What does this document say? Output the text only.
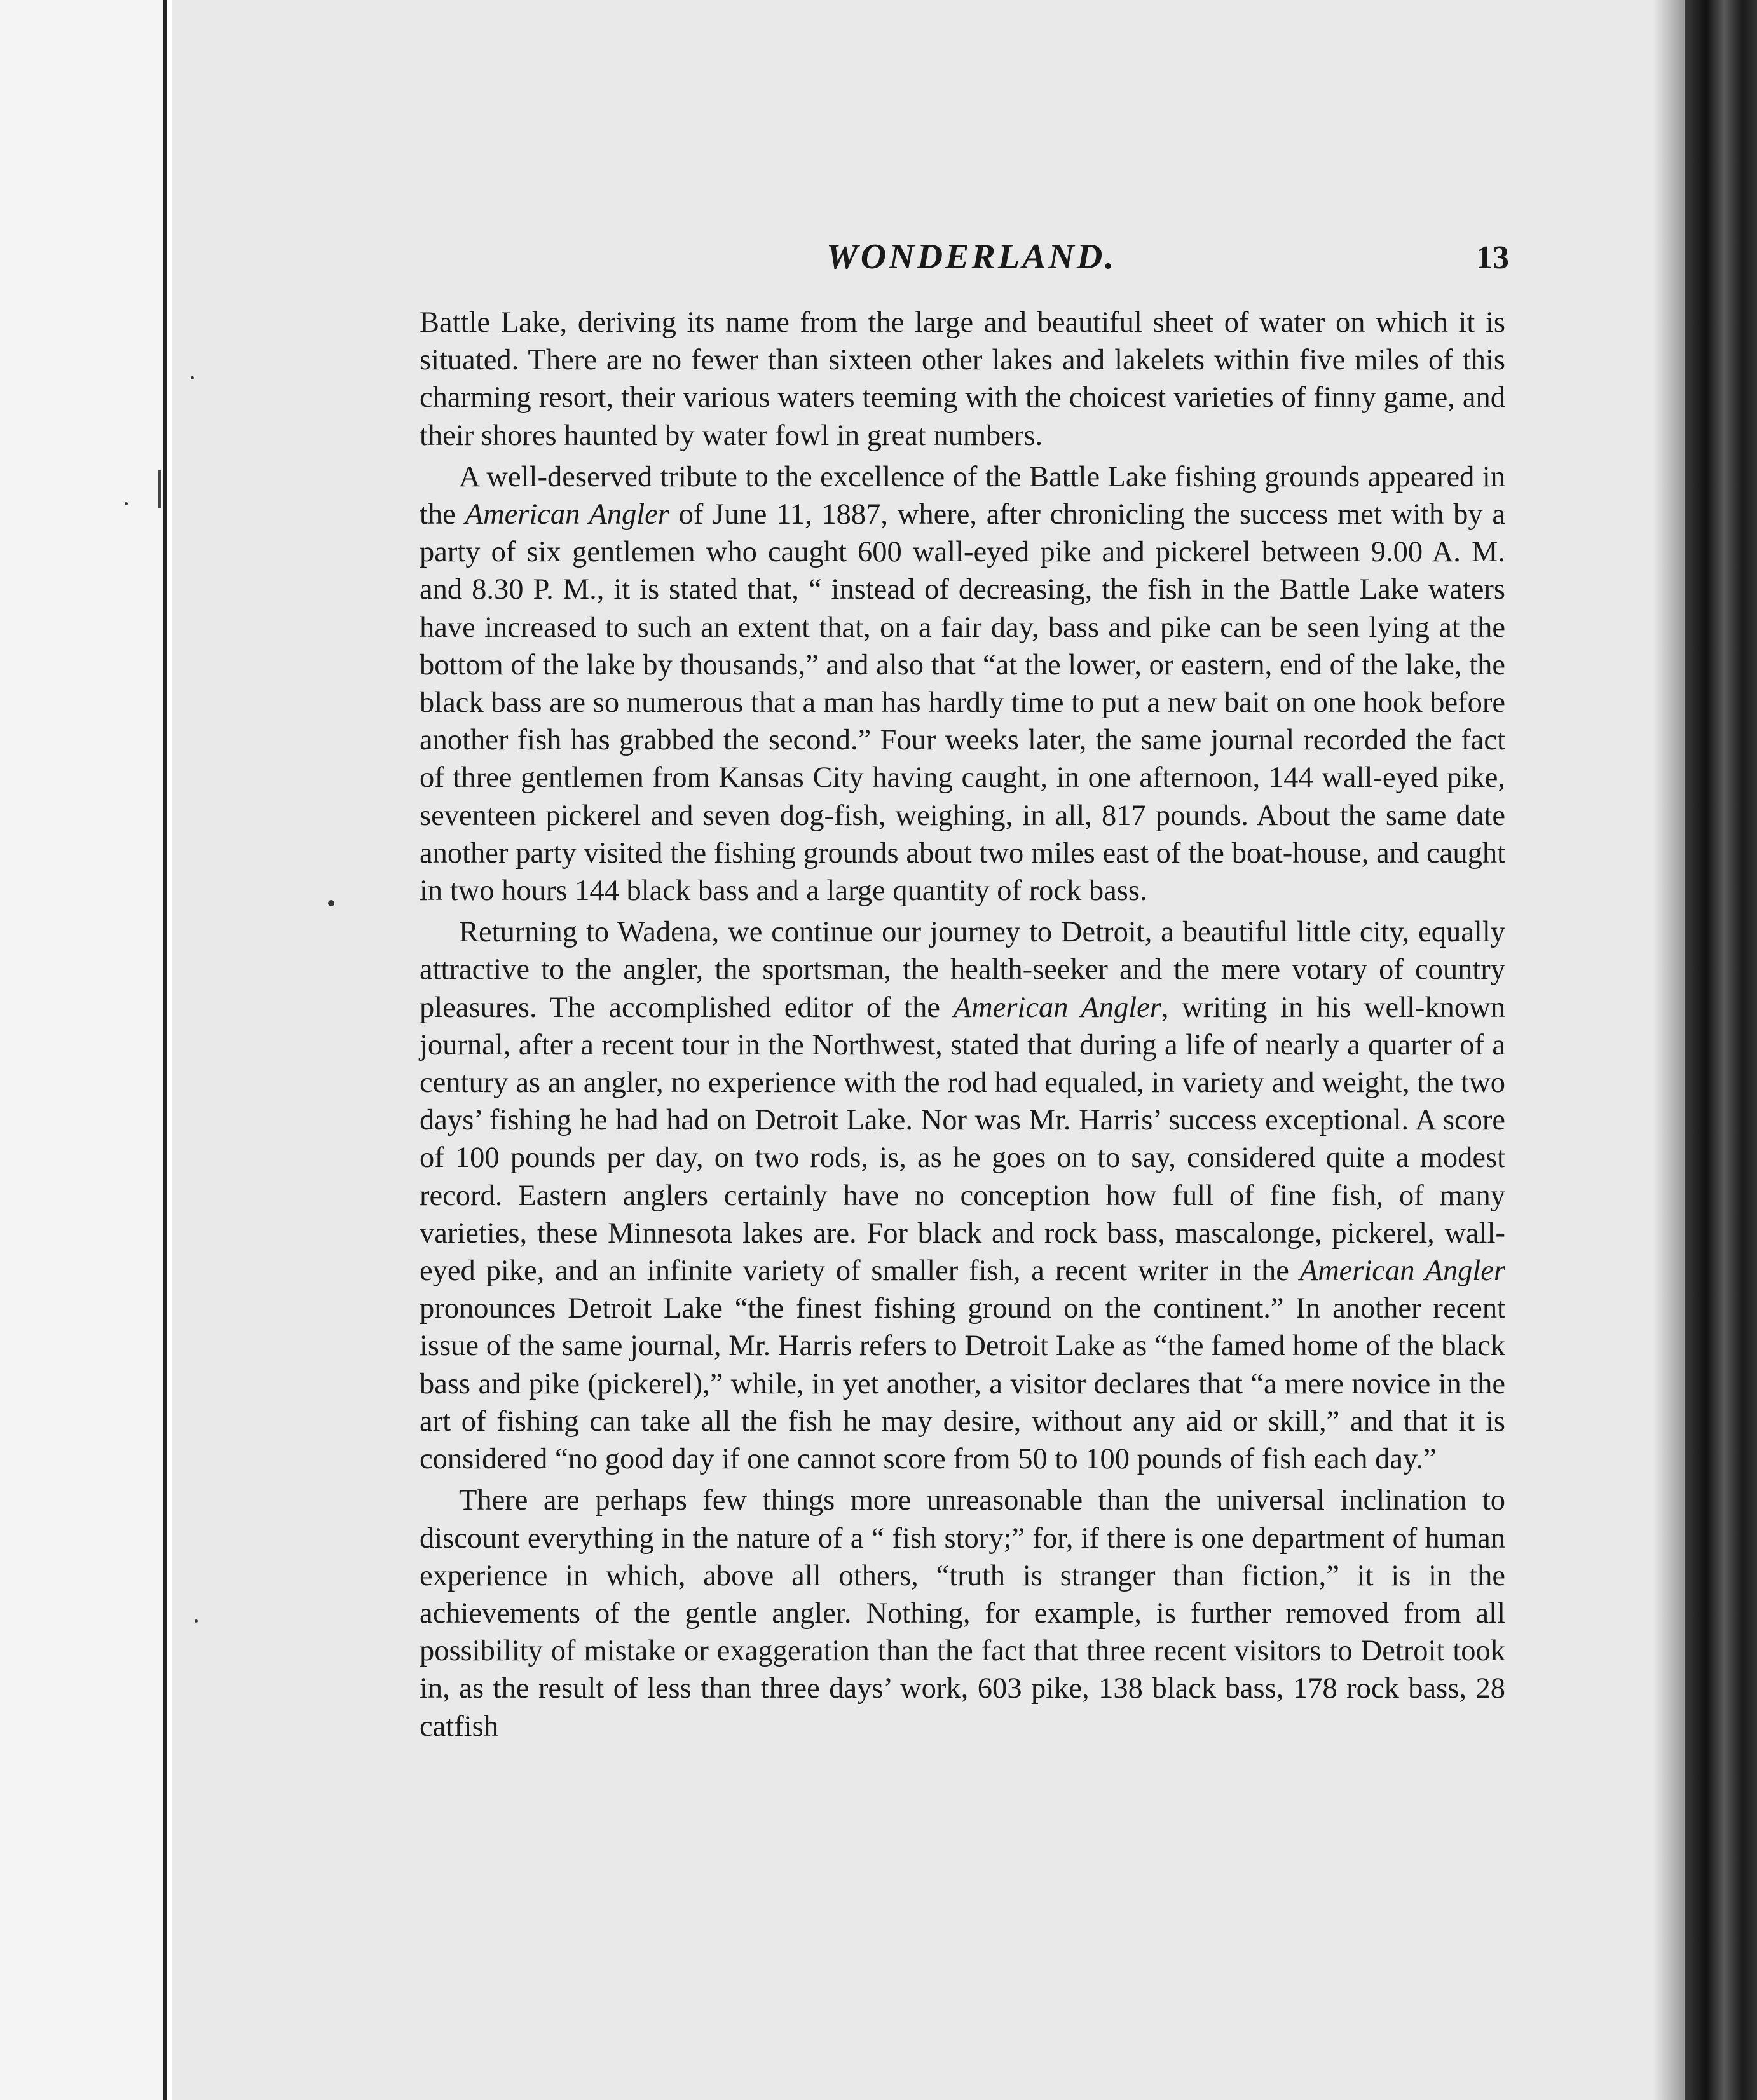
WONDERLAND.	13

Battle Lake, deriving its name from the large and beautiful sheet of water on which it is situated. There are no fewer than sixteen other lakes and lakelets within five miles of this charming resort, their various waters teeming with the choicest varieties of finny game, and their shores haunted by water fowl in great numbers.

A well-deserved tribute to the excellence of the Battle Lake fishing grounds appeared in the American Angler of June 11, 1887, where, after chronicling the success met with by a party of six gentlemen who caught 600 wall-eyed pike and pickerel between 9.00 A. M. and 8.30 P. M., it is stated that, “ instead of decreasing, the fish in the Battle Lake waters have increased to such an extent that, on a fair day, bass and pike can be seen lying at the bottom of the lake by thousands,” and also that “at the lower, or eastern, end of the lake, the black bass are so numerous that a man has hardly time to put a new bait on one hook before another fish has grabbed the second.” Four weeks later, the same journal recorded the fact of three gentlemen from Kansas City having caught, in one afternoon, 144 wall-eyed pike, seventeen pickerel and seven dog-fish, weighing, in all, 817 pounds. About the same date another party visited the fishing grounds about two miles east of the boat-house, and caught in two hours 144 black bass and a large quantity of rock bass.

Returning to Wadena, we continue our journey to Detroit, a beautiful little city, equally attractive to the angler, the sportsman, the health-seeker and the mere votary of country pleasures. The accomplished editor of the American Angler, writing in his well-known journal, after a recent tour in the Northwest, stated that during a life of nearly a quarter of a century as an angler, no experience with the rod had equaled, in variety and weight, the two days’ fishing he had had on Detroit Lake. Nor was Mr. Harris’ success exceptional. A score of 100 pounds per day, on two rods, is, as he goes on to say, considered quite a modest record. Eastern anglers certainly have no conception how full of fine fish, of many varieties, these Minnesota lakes are. For black and rock bass, mascalonge, pickerel, wall-eyed pike, and an infinite variety of smaller fish, a recent writer in the American Angler pronounces Detroit Lake “the finest fishing ground on the continent.” In another recent issue of the same journal, Mr. Harris refers to Detroit Lake as “the famed home of the black bass and pike (pickerel),” while, in yet another, a visitor declares that “a mere novice in the art of fishing can take all the fish he may desire, without any aid or skill,” and that it is considered “no good day if one cannot score from 50 to 100 pounds of fish each day.”

There are perhaps few things more unreasonable than the universal inclination to discount everything in the nature of a “ fish story;” for, if there is one department of human experience in which, above all others, “truth is stranger than fiction,” it is in the achievements of the gentle angler. Nothing, for example, is further removed from all possibility of mistake or exaggeration than the fact that three recent visitors to Detroit took in, as the result of less than three days’ work, 603 pike, 138 black bass, 178 rock bass, 28 catfish
